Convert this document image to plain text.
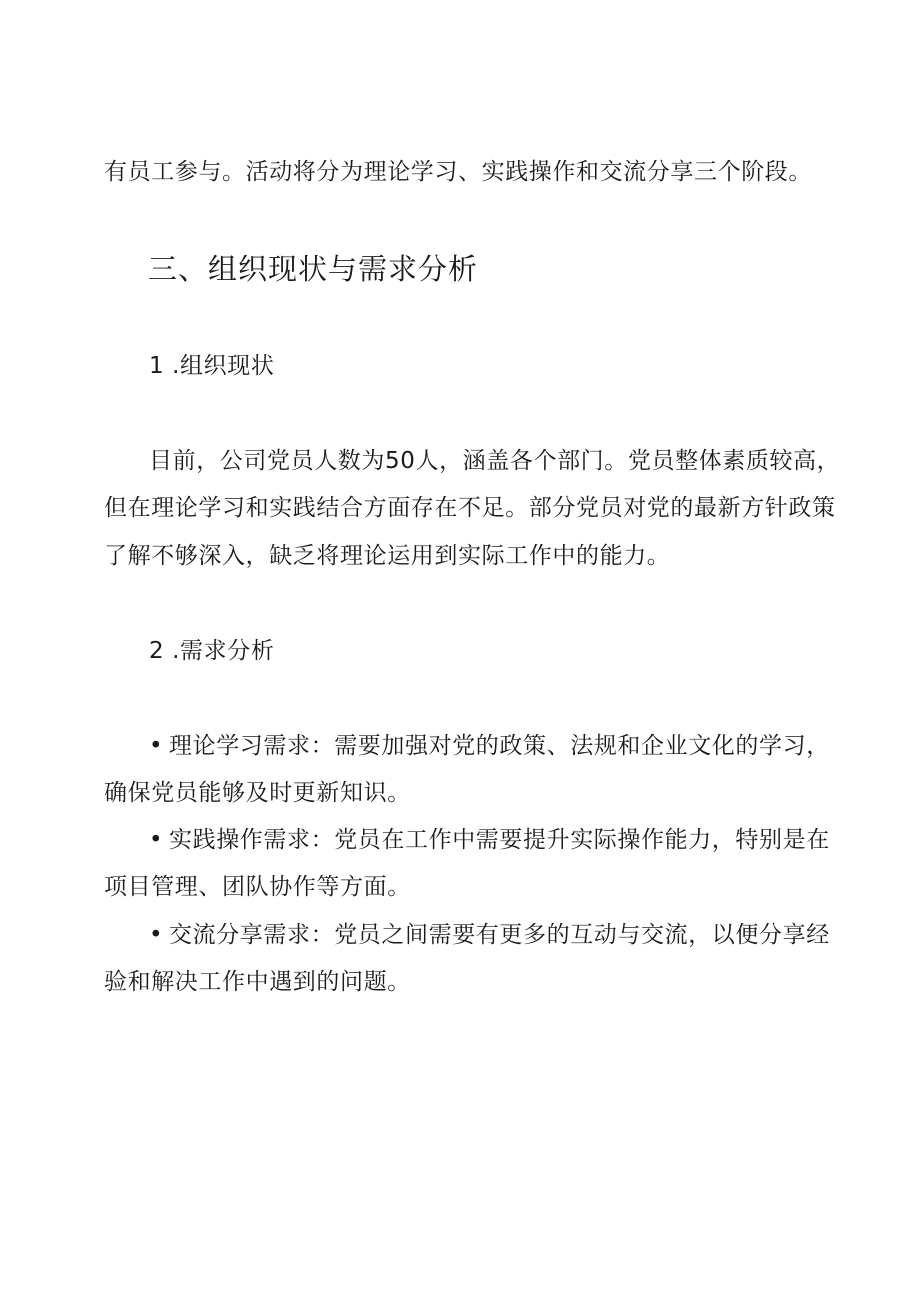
有员工参与。活动将分为理论学习、实践操作和交流分享三个阶段。
三、组织现状与需求分析
1 .组织现状
目前，公司党员人数为50人，涵盖各个部门。党员整体素质较高，
但在理论学习和实践结合方面存在不足。部分党员对党的最新方针政策
了解不够深入，缺乏将理论运用到实际工作中的能力。
2 .需求分析
• 理论学习需求：需要加强对党的政策、法规和企业文化的学习，
确保党员能够及时更新知识。
• 实践操作需求：党员在工作中需要提升实际操作能力，特别是在
项目管理、团队协作等方面。
• 交流分享需求：党员之间需要有更多的互动与交流，以便分享经
验和解决工作中遇到的问题。
